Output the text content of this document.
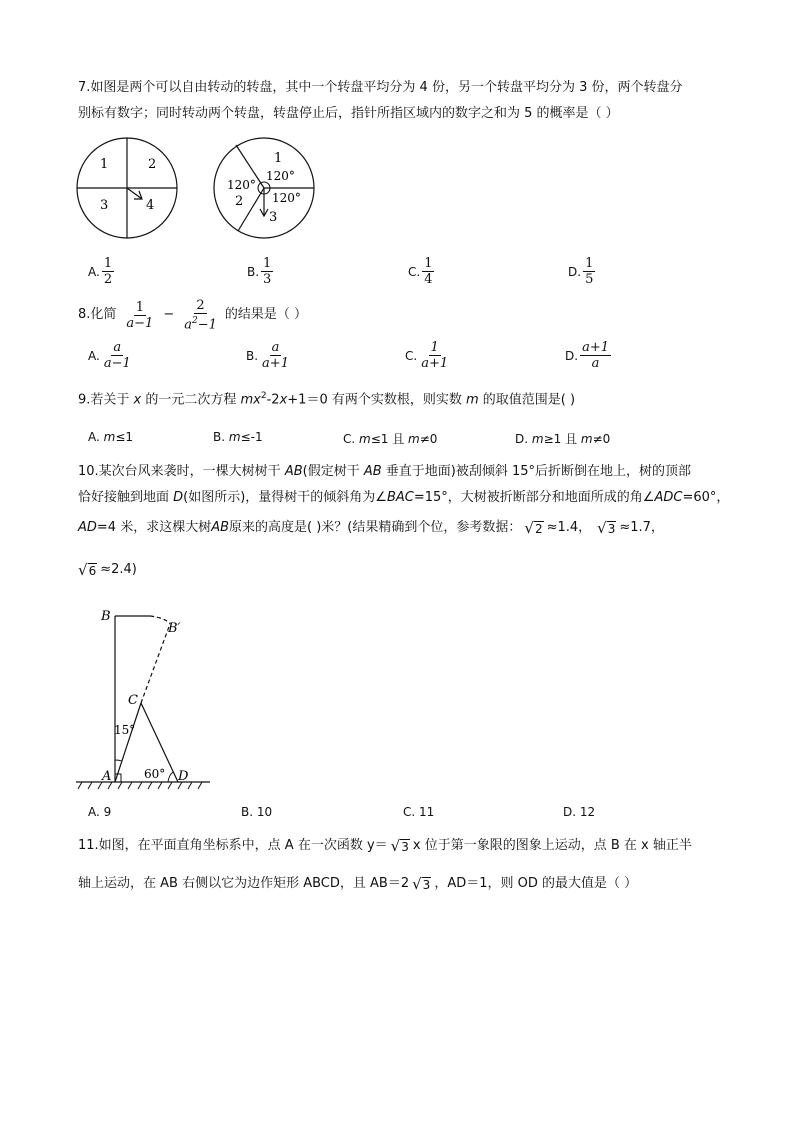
7.如图是两个可以自由转动的转盘，其中一个转盘平均分为 4 份，另一个转盘平均分为 3 份，两个转盘分
别标有数字；同时转动两个转盘，转盘停止后，指针所指区域内的数字之和为 5 的概率是（ ）
1	2
3	4
1
120°
120°
2 120°
3
A. $\frac{1}{2}$	B. $\frac{1}{3}$	C. $\frac{1}{4}$	D. $\frac{1}{5}$
8.化简 $\frac{1}{a-1} - \frac{2}{a^2-1}$ 的结果是（ ）
A. $\frac{a}{a-1}$	B. $\frac{a}{a+1}$	C. $\frac{1}{a+1}$	D. $\frac{a+1}{a}$
9.若关于 x 的一元二次方程 $mx^2-2x+1=0$ 有两个实数根，则实数 m 的取值范围是( )
A. m≤1	B. m≤-1	C. m≤1 且 m≠0	D. m≥1 且 m≠0
10.某次台风来袭时，一棵大树树干 AB(假定树干 AB 垂直于地面)被刮倾斜 15°后折断倒在地上，树的顶部
恰好接触到地面 D(如图所示)，量得树干的倾斜角为∠BAC=15°，大树被折断部分和地面所成的角∠ADC=60°，
AD =4 米，求这棵大树 AB 原来的高度是( )米？(结果精确到个位，参考数据： √ 2 ≈1.4， √ 3 ≈1.7，
√ 6 ≈2.4)
B
B′
C
15°
A	60° D
A. 9	B. 10	C. 11	D. 12
11.如图，在平面直角坐标系中，点 A 在一次函数 y＝ √ 3 x 位于第一象限的图象上运动，点 B 在 x 轴正半
轴上运动，在 AB 右侧以它为边作矩形 ABCD，且 AB＝2 √ 3 ，AD＝1，则 OD 的最大值是（ ）
